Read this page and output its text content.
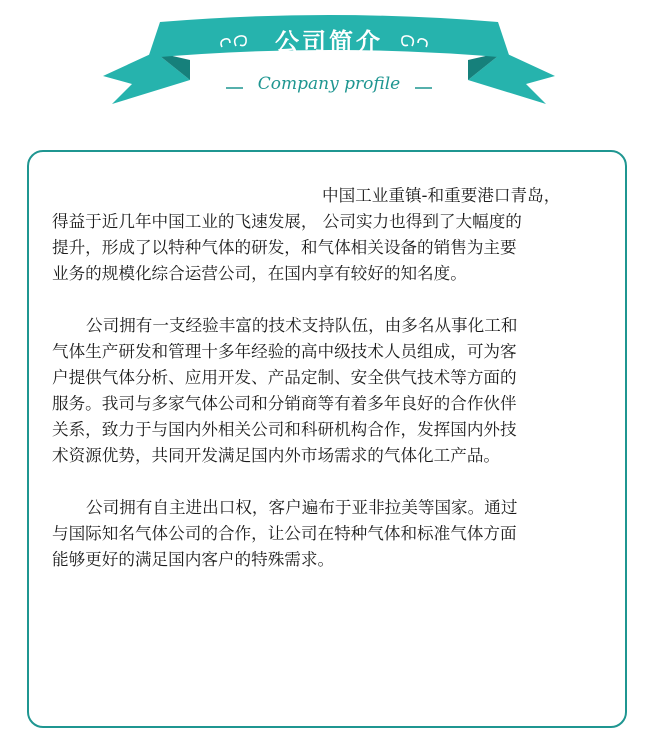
公司简介
Company profile
中国工业重镇-和重要港口青岛，
得益于近几年中国工业的飞速发展， 公司实力也得到了大幅度的
提升，形成了以特种气体的研发，和气体相关设备的销售为主要
业务的规模化综合运营公司，在国内享有较好的知名度。
公司拥有一支经验丰富的技术支持队伍，由多名从事化工和
气体生产研发和管理十多年经验的高中级技术人员组成，可为客
户提供气体分析、应用开发、产品定制、安全供气技术等方面的
服务。我司与多家气体公司和分销商等有着多年良好的合作伙伴
关系，致力于与国内外相关公司和科研机构合作，发挥国内外技
术资源优势，共同开发满足国内外市场需求的气体化工产品。
公司拥有自主进出口权，客户遍布于亚非拉美等国家。通过
与国际知名气体公司的合作，让公司在特种气体和标准气体方面
能够更好的满足国内客户的特殊需求。
